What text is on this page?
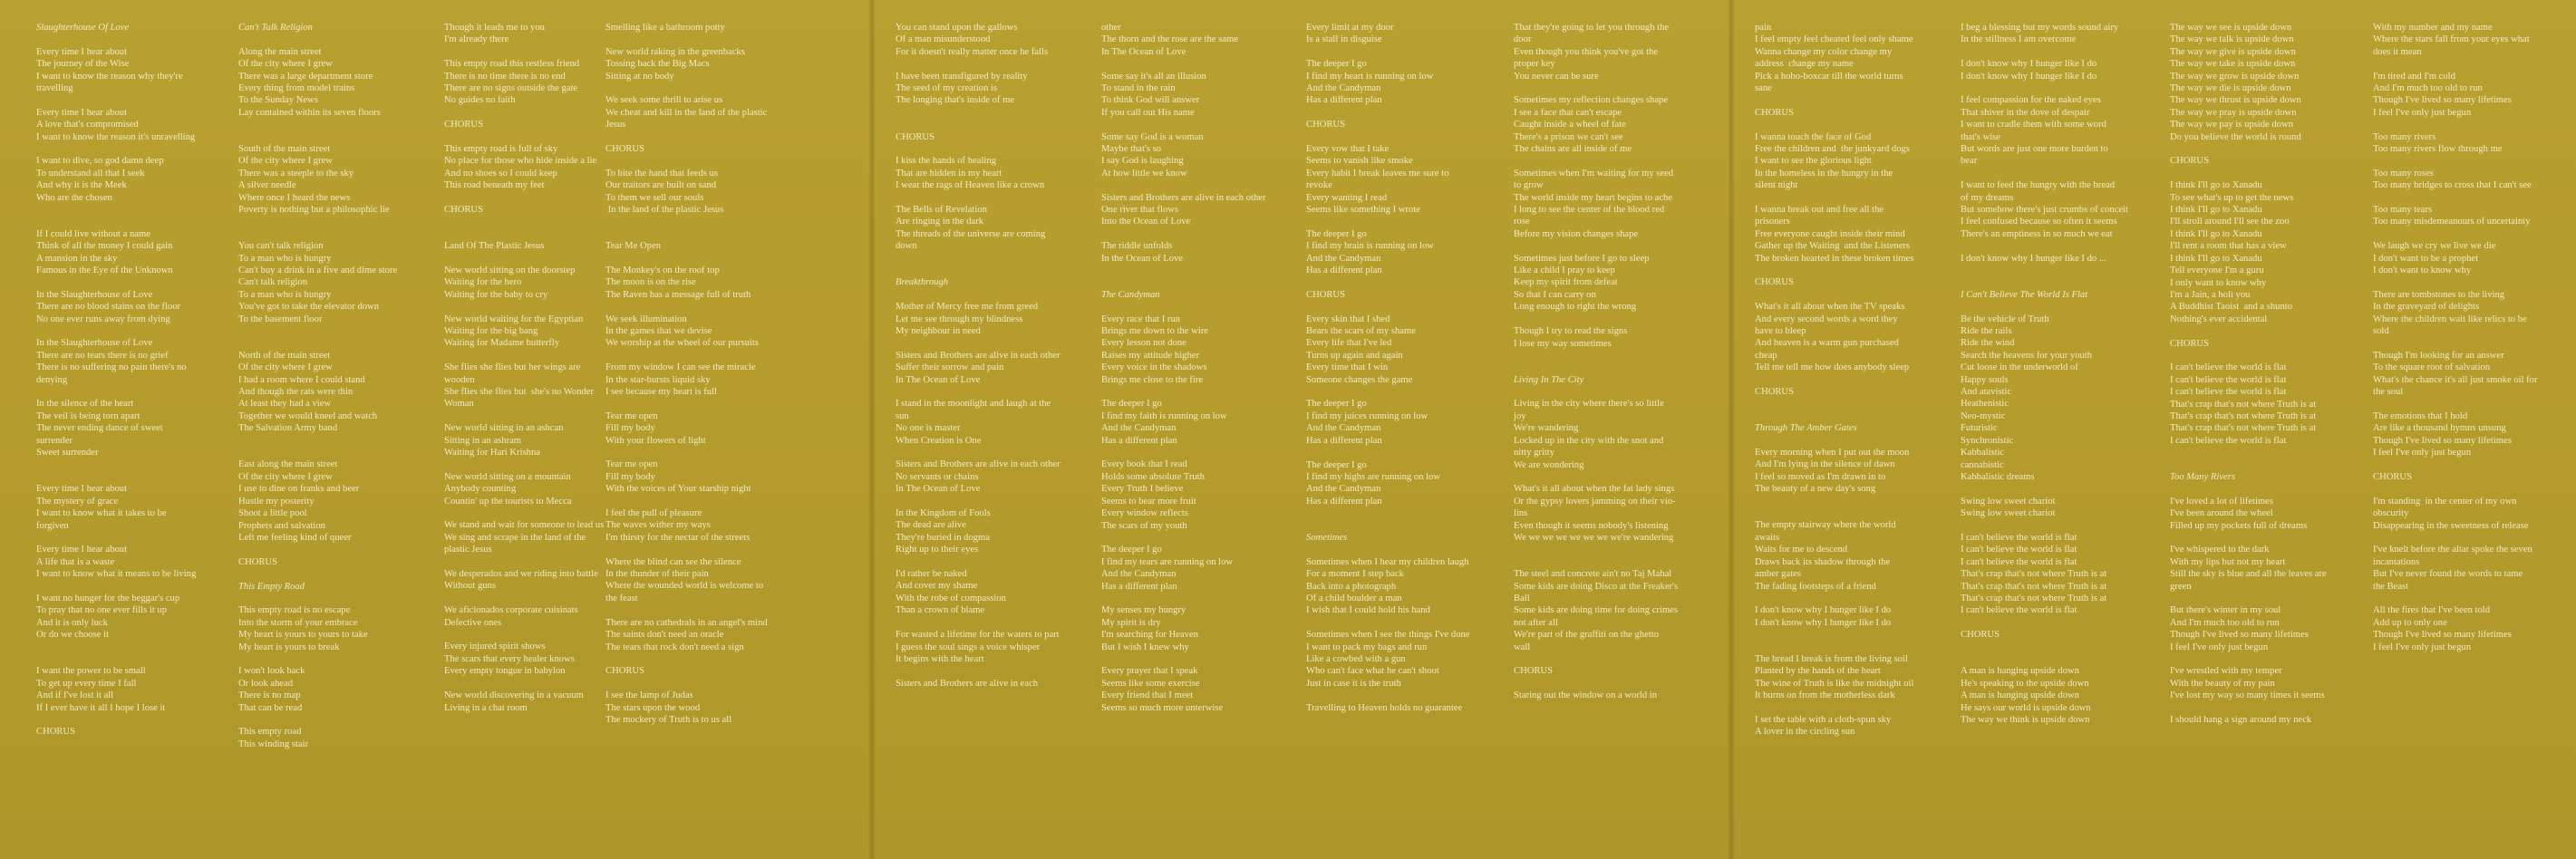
Slaughterhouse Of Love
Every time I hear about
The journey of the Wise
I want to know the reason why they're
travelling
Every time I hear about
A love that's compromised
I want to know the reason it's unravelling
I want to dive, so god damn deep
To understand all that I seek
And why it is the Meek
Who are the chosen
If I could live without a name
Think of all the money I could gain
A mansion in the sky
Famous in the Eye of the Unknown
In the Slaughterhouse of Love
There are no blood stains on the floor
No one ever runs away from dying
In the Slaughterhouse of Love
There are no tears there is no grief
There is no suffering no pain there's no
denying
In the silence of the heart
The veil is being torn apart
The never ending dance of sweet
surrender
Sweet surrender
Every time I hear about
The mystery of grace
I want to know what it takes to be
forgiven
Every time I hear about
A life that is a waste
I want to know what it means to be living
I want no hunger for the beggar's cup
To pray that no one ever fills it up
And it is only luck
Or do we choose it
I want the power to be small
To get up every time I fall
And if I've lost it all
If I ever have it all I hope I lose it
CHORUS
Can't Talk Religion
Along the main street
Of the city where I grew
There was a large department store
Every thing from model trains
To the Sunday News
Lay contained within its seven floors
South of the main street
Of the city where I grew
There was a steeple to the sky
A silver needle
Where once I heard the news
Poverty is nothing but a philosophic lie
You can't talk religion
To a man who is hungry
Can't buy a drink in a five and dime store
Can't talk religion
To a man who is hungry
You've got to take the elevator down
To the basement floor
North of the main street
Of the city where I grew
I had a room where I could stand
And though the rats were thin
At least they had a view
Together we would kneel and watch
The Salvation Army band
East along the main street
Of the city where I grew
I use to dine on franks and beer
Hustle my posterity
Shoot a little pool
Prophets and salvation
Left me feeling kind of queer
CHORUS
This Empty Road
This empty road is no escape
Into the storm of your embrace
My heart is yours to yours to take
My heart is yours to break
I won't look back
Or look ahead
There is no map
That can be read
This empty road
This winding stair
Though it leads me to you
I'm already there
This empty road this restless friend
There is no time there is no end
There are no signs outside the gate
No guides no faith
CHORUS
This empty road is full of sky
No place for those who hide inside a lie
And no shoes so I could keep
This road beneath my feet
CHORUS
Land Of The Plastic Jesus
New world sitting on the doorstep
Waiting for the hero
Waiting for the baby to cry
New world waiting for the Egyptian
Waiting for the big bang
Waiting for Madame butterfly
She flies she flies but her wings are
wooden
She flies she flies but  she's no Wonder
Woman
New world sitting in an ashcan
Sitting in an ashram
Waiting for Hari Krishna
New world sitting on a mountain
Anybody counting
Countin' up the tourists to Mecca
We stand and wait for someone to lead us
We sing and scrape in the land of the
plastic Jesus
We desperados and we riding into battle
Without guns
We aficionados corporate cuisinats
Defective ones
Every injured spirit shows
The scars that every healer knows
Every empty tongue in babylon
New world discovering in a vacuum
Living in a chat room
Smelling like a bathroom potty
New world raking in the greenbacks
Tossing back the Big Macs
Sitting at no body
We seek some thrill to arise us
We cheat and kill in the land of the plastic
Jesus
CHORUS
To bite the hand that feeds us
Our traitors are built on sand
To them we sell our souls
In the land of the plastic Jesus
Tear Me Open
The Monkey's on the roof top
The moon is on the rise
The Raven has a message full of truth
We seek illumination
In the games that we devise
We worship at the wheel of our pursuits
From my window I can see the miracle
In the star-bursts liquid sky
I see because my heart is full
Tear me open
Fill my body
With your flowers of light
Tear me open
Fill my body
With the voices of Your starship night
I feel the pull of pleasure
The waves wither my ways
I'm thirsty for the nectar of the streets
Where the blind can see the silence
In the thunder of their pain
Where the wounded world is welcome to
the feast
There are no cathedrals in an angel's mind
The saints don't need an oracle
The tears that rock don't need a sign
CHORUS
I see the lamp of Judas
The stars upon the wood
The mockery of Truth is to us all
You can stand upon the gallows
Of a man misunderstood
For it doesn't really matter once he falls
I have been transfigured by reality
The seed of my creation is
The longing that's inside of me
CHORUS
I kiss the hands of healing
That are hidden in my heart
I wear the rags of Heaven like a crown
The Bells of Revelation
Are ringing in the dark
The threads of the universe are coming
down
Breakthrough
Mother of Mercy free me from greed
Let me see through my blindness
My neighbour in need
Sisters and Brothers are alive in each other
Suffer their sorrow and pain
In The Ocean of Love
I stand in the moonlight and laugh at the
sun
No one is master
When Creation is One
Sisters and Brothers are alive in each other
No servants or chains
In The Ocean of Love
In the Kingdom of Fools
The dead are alive
They're buried in dogma
Right up to their eyes
I'd rather be naked
And cover my shame
With the robe of compassion
Than a crown of blame
For wasted a lifetime for the waters to part
I guess the soul sings a voice whisper
It begins with the heart
Sisters and Brothers are alive in each
other
The thorn and the rose are the same
In The Ocean of Love
Some say it's all an illusion
To stand in the rain
To think God will answer
If you call out His name
Some say God is a woman
Maybe that's so
I say God is laughing
At how little we know
Sisters and Brothers are alive in each other
One river that flows
Into the Ocean of Love
The riddle unfolds
In the Ocean of Love
The Candyman
Every race that I run
Brings me down to the wire
Every lesson not done
Raises my attitude higher
Every voice in the shadows
Brings me close to the fire
The deeper I go
I find my faith is running on low
And the Candyman
Has a different plan
Every book that I read
Holds some absolute Truth
Every Truth I believe
Seems to bear more fruit
Every window reflects
The scars of my youth
The deeper I go
I find my tears are running on low
And the Candyman
Has a different plan
My senses my hungry
My spirit is dry
I'm searching for Heaven
But I wish I knew why
Every prayer that I speak
Seems like some exercise
Every friend that I meet
Seems so much more unterwise
Every limit at my door
Is a stall in disguise
The deeper I go
I find my heart is running on low
And the Candyman
Has a different plan
CHORUS
Every vow that I take
Seems to vanish like smoke
Every habit I break leaves me sure to
revoke
Every wanting I read
Seems like something I wrote
The deeper I go
I find my brain is running on low
And the Candyman
Has a different plan
CHORUS
Every skin that I shed
Bears the scars of my shame
Every life that I've led
Turns up again and again
Every time that I win
Someone changes the game
The deeper I go
I find my juices running on low
And the Candyman
Has a different plan
The deeper I go
I find my highs are running on low
And the Candyman
Has a different plan
Sometimes
Sometimes when I hear my children laugh
For a moment I step back
Back into a photograph
Of a child boulder a man
I wish that I could hold his hand
Sometimes when I see the things I've done
I want to pack my bags and run
Like a cowbed with a gun
Who can't face what he can't shoot
Just in case it is the truth
Travelling to Heaven holds no guarantee
That they're going to let you through the
door
Even though you think you've got the
proper key
You never can be sure
Sometimes my reflection changes shape
I see a face that can't escape
Caught inside a wheel of fate
There's a prison we can't see
The chains are all inside of me
Sometimes when I'm waiting for my seed
to grow
The world inside my heart begins to ache
I long to see the center of the blood red
rose
Before my vision changes shape
Sometimes just before I go to sleep
Like a child I pray to keep
Keep my spirit from defeat
So that I can carry on
Long enough to right the wrong
Though I try to read the signs
I lose my way sometimes
Living In The City
Living in the city where there's so little
joy
We're wandering
Locked up in the city with the snot and
nitty gritty
We are wondering
What's it all about when the fat lady sings
Or the gypsy lovers jamming on their vio-
lins
Even though it seems nobody's listening
We we we we we we we we're wandering
The steel and concrete ain't no Taj Mahal
Some kids are doing Disco at the Freaker's
Ball
Some kids are doing time for doing crimes
not after all
We're part of the graffiti on the ghetto
wall
CHORUS
Staring out the window on a world in
pain
I feel empty feel cheated feel only shame
Wanna change my color change my
address  change my name
Pick a hobo-boxcar till the world turns
sane
CHORUS
I wanna touch the face of God
Free the children and  the junkyard dogs
I want to see the glorious light
In the homeless in the hungry in the
silent night
I wanna break out and free all the
prisoners
Free everyone caught inside their mind
Gather up the Waiting  and the Listeners
The broken hearted in these broken times
CHORUS
What's it all about when the TV speaks
And every second words a word they
have to bleep
And heaven is a warm gun purchased
cheap
Tell me tell me how does anybody sleep
CHORUS
Through The Amber Gates
Every morning when I put out the moon
And I'm lying in the silence of dawn
I feel so moved as I'm drawn in to
The beauty of a new day's song
The empty stairway where the world
awaits
Waits for me to descend
Draws back its shadow through the
amber gates
The fading footsteps of a friend
I don't know why I hunger like I do
I don't know why I hunger like I do
The bread I break is from the living soil
Planted by the hands of the heart
The wine of Truth is like the midnight oil
It burns on from the motherless dark
I set the table with a cloth-spun sky
A lover in the circling sun
I beg a blessing but my words sound airy
In the stillness I am overcome
I don't know why I hunger like I do
I don't know why I hunger like I do
I feel compassion for the naked eyes
That shiver in the dove of despair
I want to cradle them with some word
that's wise
But words are just one more burden to
bear
I want to feed the hungry with the bread
of my dreams
But somehow there's just crumbs of conceit
I feel confused because so often it seems
There's an emptiness in so much we eat
I don't know why I hunger like I do ...
I Can't Believe The World Is Flat
Be the vehicle of Truth
Ride the rails
Ride the wind
Search the heavens for your youth
Cut loose in the underworld of
Happy souls
And atavistic
Heathenistic
Neo-mystic
Futuristic
Synchronistic
Kabbalistic
cannabistic
Kabbalistic dreams
Swing low sweet chariot
Swing low sweet chariot
I can't believe the world is flat
I can't believe the world is flat
I can't believe the world is flat
That's crap that's not where Truth is at
That's crap that's not where Truth is at
That's crap that's not where Truth is at
I can't believe the world is flat
CHORUS
A man is hanging upside down
He's speaking to the upside down
A man is hanging upside down
He says our world is upside down
The way we think is upside down
The way we see is upside down
The way we talk is upside down
The way we give is upside down
The way we take is upside down
The way we grow is upside down
The way we die is upside down
The way we thrust is upside down
The way we pray is upside down
The way we pay is upside down
Do you believe the world is round
CHORUS
I think I'll go to Xanadu
To see what's up to get the news
I think I'll go to Xanadu
I'll stroll around I'll see the zoo
I think I'll go to Xanadu
I'll rent a room that has a view
I think I'll go to Xanadu
Tell everyone I'm a guru
I only want to know why
I'm a Jain, a holi you
A Buddhist Taoist  and a shunto
Nothing's ever accidental
CHORUS
I can't believe the world is flat
I can't believe the world is flat
I can't believe the world is flat
That's crap that's not where Truth is at
That's crap that's not where Truth is at
That's crap that's not where Truth is at
I can't believe the world is flat
Too Many Rivers
I've loved a lot of lifetimes
I've been around the wheel
Filled up my pockets full of dreams
I've whispered to the dark
With my lips but not my heart
Still the sky is blue and all the leaves are
green
But there's winter in my soul
And I'm much too old to run
Though I've lived so many lifetimes
I feel I've only just begun
I've wrestled with my temper
With the beauty of my pain
I've lost my way so many times it seems
I should hang a sign around my neck
With my number and my name
Where the stars fall from your eyes what
does it mean
I'm tired and I'm cold
And I'm much too old to run
Though I've lived so many lifetimes
I feel I've only just begun
Too many rivers
Too many rivers flow through me
Too many roses
Too many bridges to cross that I can't see
Too many tears
Too many misdemeanours of uncertainty
We laugh we cry we live we die
I don't want to be a prophet
I don't want to know why
There are tombstones to the living
In the graveyard of delights
Where the children wait like relics to be
sold
Though I'm looking for an answer
To the square root of salvation
What's the chance it's all just smoke oil for
the soul
The emotions that I hold
Are like a thousand hymns unsung
Though I've lived so many lifetimes
I feel I've only just begun
CHORUS
I'm standing  in the center of my own
obscurity
Disappearing in the sweetness of release
I've knelt before the altar spoke the seven
incantations
But I've never found the words to tame
the Beast
All the fires that I've been told
Add up to only one
Though I've lived so many lifetimes
I feel I've only just begun
